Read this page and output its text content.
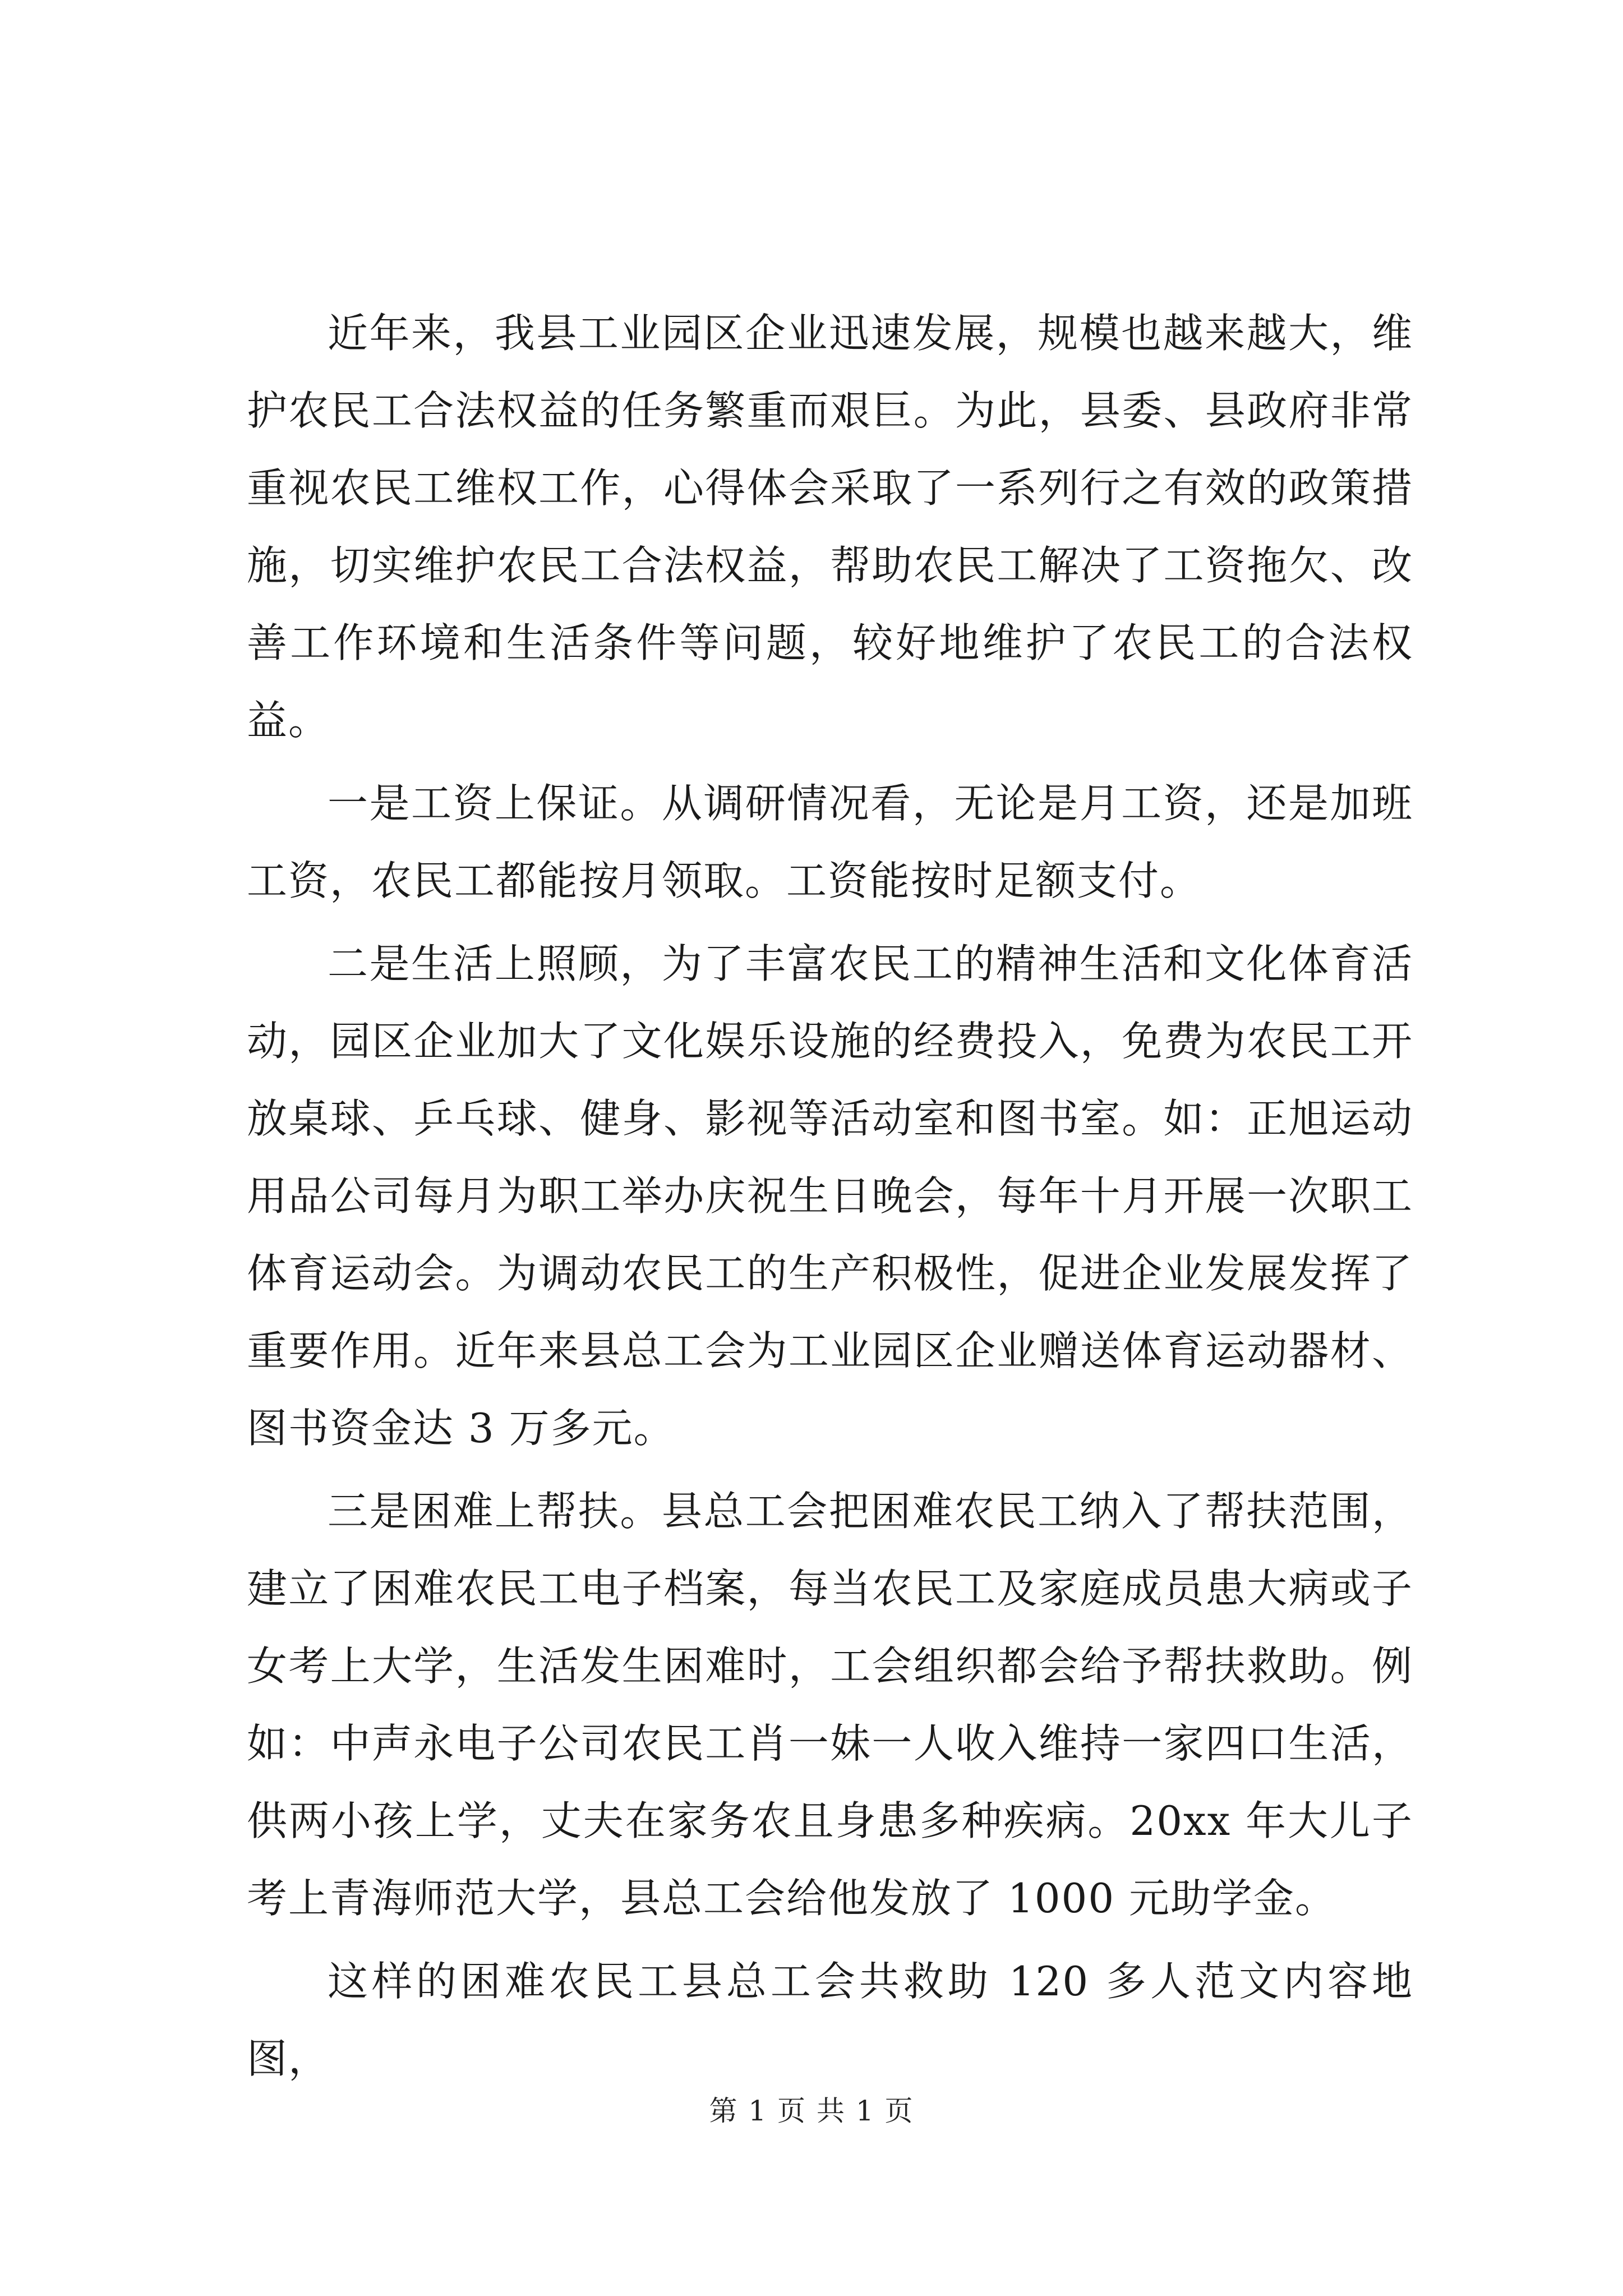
近年来，我县工业园区企业迅速发展，规模也越来越大，维护农民工合法权益的任务繁重而艰巨。为此，县委、县政府非常重视农民工维权工作，心得体会采取了一系列行之有效的政策措施，切实维护农民工合法权益，帮助农民工解决了工资拖欠、改善工作环境和生活条件等问题，较好地维护了农民工的合法权益。

一是工资上保证。从调研情况看，无论是月工资，还是加班工资，农民工都能按月领取。工资能按时足额支付。

二是生活上照顾，为了丰富农民工的精神生活和文化体育活动，园区企业加大了文化娱乐设施的经费投入，免费为农民工开放桌球、乒乓球、健身、影视等活动室和图书室。如：正旭运动用品公司每月为职工举办庆祝生日晚会，每年十月开展一次职工体育运动会。为调动农民工的生产积极性，促进企业发展发挥了重要作用。近年来县总工会为工业园区企业赠送体育运动器材、图书资金达 3 万多元。

三是困难上帮扶。县总工会把困难农民工纳入了帮扶范围，建立了困难农民工电子档案，每当农民工及家庭成员患大病或子女考上大学，生活发生困难时，工会组织都会给予帮扶救助。例如：中声永电子公司农民工肖一妹一人收入维持一家四口生活，供两小孩上学，丈夫在家务农且身患多种疾病。20xx 年大儿子考上青海师范大学，县总工会给他发放了 1000 元助学金。

这样的困难农民工县总工会共救助 120 多人范文内容地图，

第 1 页 共 1 页
